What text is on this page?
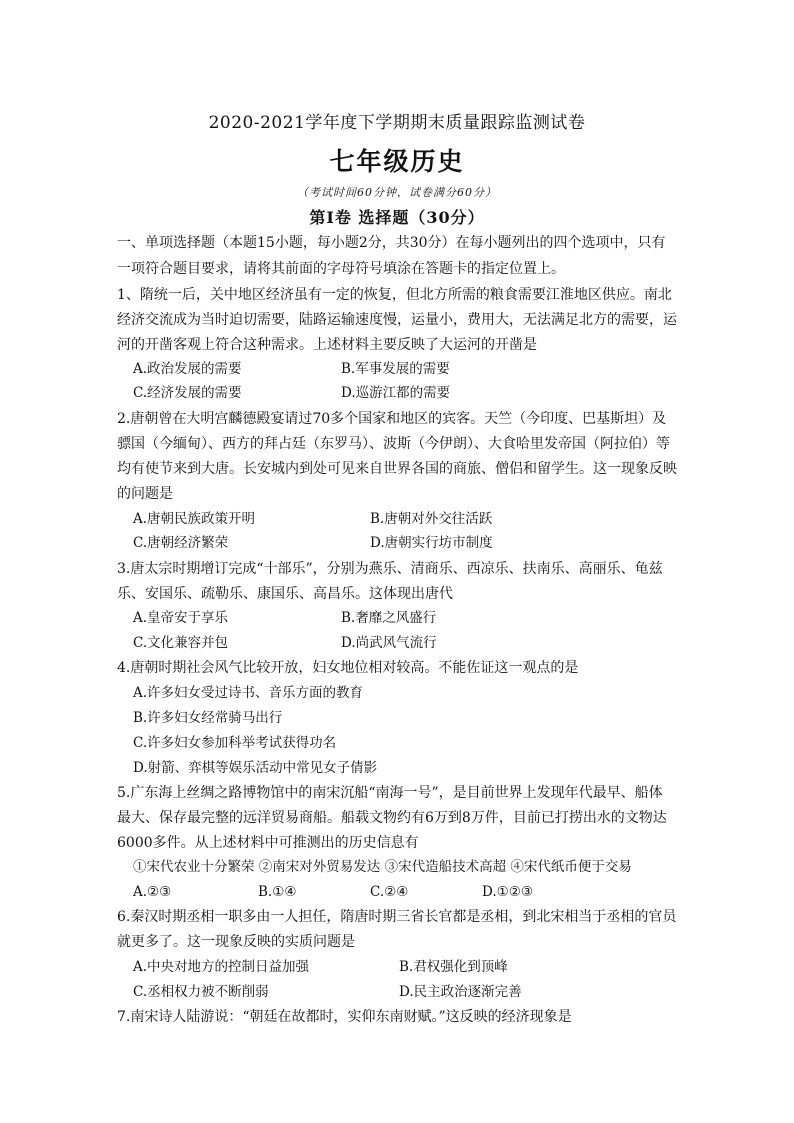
2020-2021学年度下学期期末质量跟踪监测试卷
七年级历史
（考试时间60分钟，试卷满分60分）
第Ⅰ卷 选择题（30分）
一、单项选择题（本题15小题，每小题2分，共30分）在每小题列出的四个选项中，只有
一项符合题目要求，请将其前面的字母符号填涂在答题卡的指定位置上。
1、隋统一后，关中地区经济虽有一定的恢复，但北方所需的粮食需要江淮地区供应。南北
经济交流成为当时迫切需要，陆路运输速度慢，运量小，费用大，无法满足北方的需要，运
河的开凿客观上符合这种需求。上述材料主要反映了大运河的开凿是
A.政治发展的需要	B.军事发展的需要
C.经济发展的需要	D.巡游江都的需要
2.唐朝曾在大明宫麟德殿宴请过70多个国家和地区的宾客。天竺（今印度、巴基斯坦）及
骠国（今缅甸）、西方的拜占廷（东罗马）、波斯（今伊朗）、大食哈里发帝国（阿拉伯）等
均有使节来到大唐。长安城内到处可见来自世界各国的商旅、僧侣和留学生。这一现象反映
的问题是
A.唐朝民族政策开明	B.唐朝对外交往活跃
C.唐朝经济繁荣	D.唐朝实行坊市制度
3.唐太宗时期增订完成“十部乐”，分别为燕乐、清商乐、西凉乐、扶南乐、高丽乐、龟兹
乐、安国乐、疏勒乐、康国乐、高昌乐。这体现出唐代
A.皇帝安于享乐	B.奢靡之风盛行
C.文化兼容并包	D.尚武风气流行
4.唐朝时期社会风气比较开放，妇女地位相对较高。不能佐证这一观点的是
A.许多妇女受过诗书、音乐方面的教育
B.许多妇女经常骑马出行
C.许多妇女参加科举考试获得功名
D.射箭、弈棋等娱乐活动中常见女子倩影
5.广东海上丝绸之路博物馆中的南宋沉船“南海一号”，是目前世界上发现年代最早、船体
最大、保存最完整的远洋贸易商船。船载文物约有6万到8万件，目前已打捞出水的文物达
6000多件。从上述材料中可推测出的历史信息有
①宋代农业十分繁荣 ②南宋对外贸易发达 ③宋代造船技术高超 ④宋代纸币便于交易
A.②③	B.①④	C.②④	D.①②③
6.秦汉时期丞相一职多由一人担任，隋唐时期三省长官都是丞相，到北宋相当于丞相的官员
就更多了。这一现象反映的实质问题是
A.中央对地方的控制日益加强	B.君权强化到顶峰
C.丞相权力被不断削弱	D.民主政治逐渐完善
7.南宋诗人陆游说：“朝廷在故都时，实仰东南财赋。”这反映的经济现象是
